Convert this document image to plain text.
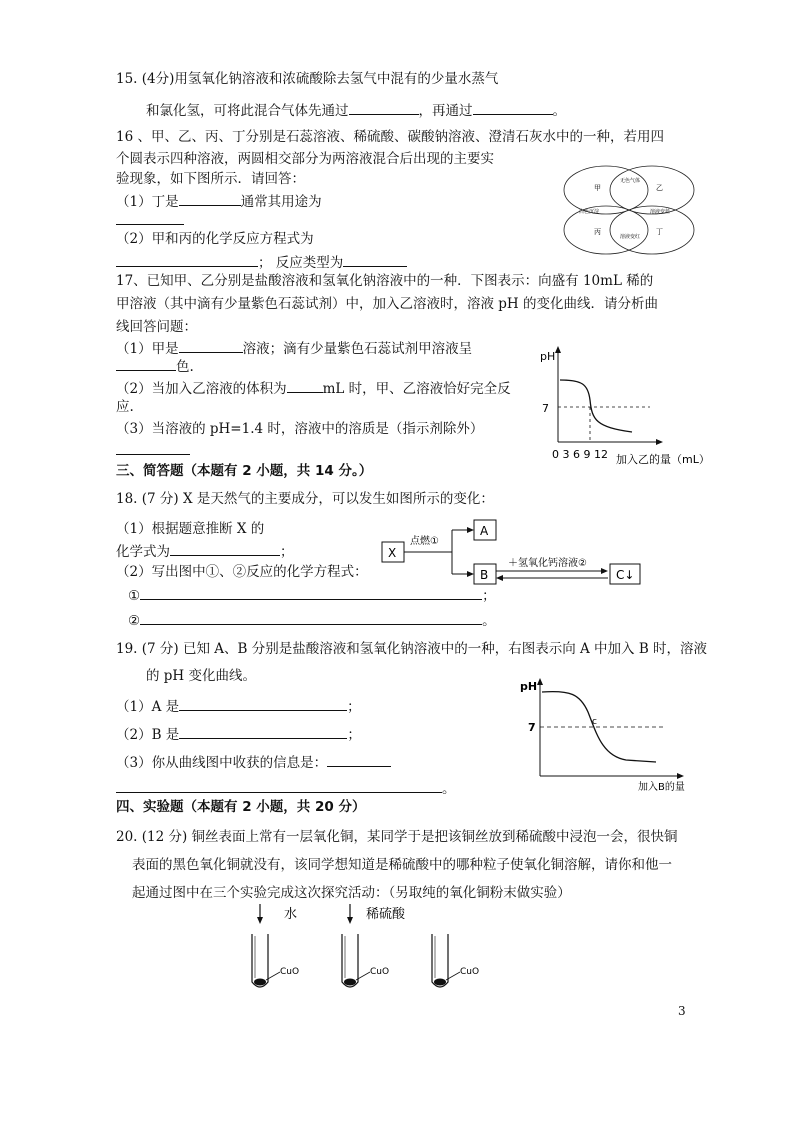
15. (4分)用氢氧化钠溶液和浓硫酸除去氢气中混有的少量水蒸气
和氯化氢，可将此混合气体先通过	，再通过	。
16 、甲、乙、丙、丁分别是石蕊溶液、稀硫酸、碳酸钠溶液、澄清石灰水中的一种，若用四
个圆表示四种溶液，两圆相交部分为两溶液混合后出现的主要实
验现象，如下图所示．请回答：
（1）丁是	通常其用途为
（2）甲和丙的化学反应方程式为
； 反应类型为
甲	乙
丙	丁
无色气体
白色沉淀
溶液变红
溶液变蓝
17、已知甲、乙分别是盐酸溶液和氢氧化钠溶液中的一种．下图表示：向盛有 10mL 稀的
甲溶液（其中滴有少量紫色石蕊试剂）中，加入乙溶液时，溶液 pH 的变化曲线．请分析曲
线回答问题：
（1）甲是	溶液；滴有少量紫色石蕊试剂甲溶液呈
色.
（2）当加入乙溶液的体积为	mL 时，甲、乙溶液恰好完全反
应.
（3）当溶液的 pH=1.4 时，溶液中的溶质是（指示剂除外）
pH
7
0 3 6 9 12 加入乙的量（mL）
三、简答题（本题有 2 小题，共 14 分。）
18. (7 分) X 是天然气的主要成分，可以发生如图所示的变化：
（1）根据题意推断 X 的
化学式为	；
（2）写出图中①、②反应的化学方程式：
①	；
②	。
X
点燃①
A
B
＋氢氧化钙溶液②
C↓
19. (7 分) 已知 A、B 分别是盐酸溶液和氢氧化钠溶液中的一种，右图表示向 A 中加入 B 时，溶液
的 pH 变化曲线。
（1）A 是	；
（2）B 是	；
（3）你从曲线图中收获的信息是：
。
pH
7	c
加入B的量
四、实验题（本题有 2 小题，共 20 分）
20. (12 分) 铜丝表面上常有一层氧化铜，某同学于是把该铜丝放到稀硫酸中浸泡一会，很快铜
表面的黑色氧化铜就没有，该同学想知道是稀硫酸中的哪种粒子使氧化铜溶解，请你和他一
起通过图中在三个实验完成这次探究活动：（另取纯的氧化铜粉末做实验）
水
CuO
稀硫酸
CuO	CuO
3
